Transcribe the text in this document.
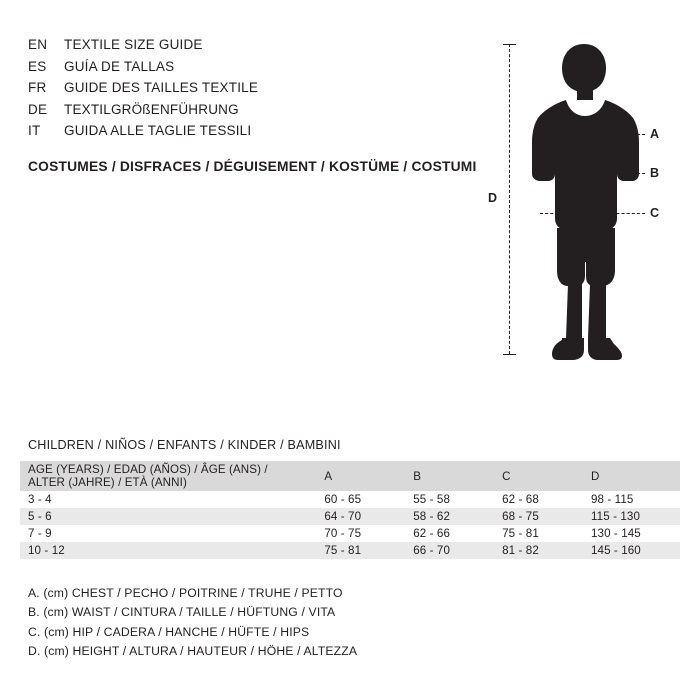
EN	TEXTILE SIZE GUIDE
ES	GUÍA DE TALLAS
FR	GUIDE DES TAILLES TEXTILE
DE	TEXTILGRÖßENFÜHRUNG
IT	GUIDA ALLE TAGLIE TESSILI
COSTUMES / DISFRACES / DÉGUISEMENT / KOSTÜME / COSTUMI
D
A
B
C
CHILDREN / NIÑOS / ENFANTS / KINDER / BAMBINI
AGE (YEARS) / EDAD (AÑOS) / ÂGE (ANS) /
ALTER (JAHRE) / ETÀ (ANNI)	A	B	C	D
3 - 4	60 - 65	55 - 58	62 - 68	98 - 115
5 - 6	64 - 70	58 - 62	68 - 75	115 - 130
7 - 9	70 - 75	62 - 66	75 - 81	130 - 145
10 - 12	75 - 81	66 - 70	81 - 82	145 - 160
A. (cm) CHEST / PECHO / POITRINE / TRUHE / PETTO
B. (cm) WAIST / CINTURA / TAILLE / HÜFTUNG / VITA
C. (cm) HIP / CADERA / HANCHE / HÜFTE / HIPS
D. (cm) HEIGHT / ALTURA / HAUTEUR / HÖHE / ALTEZZA
